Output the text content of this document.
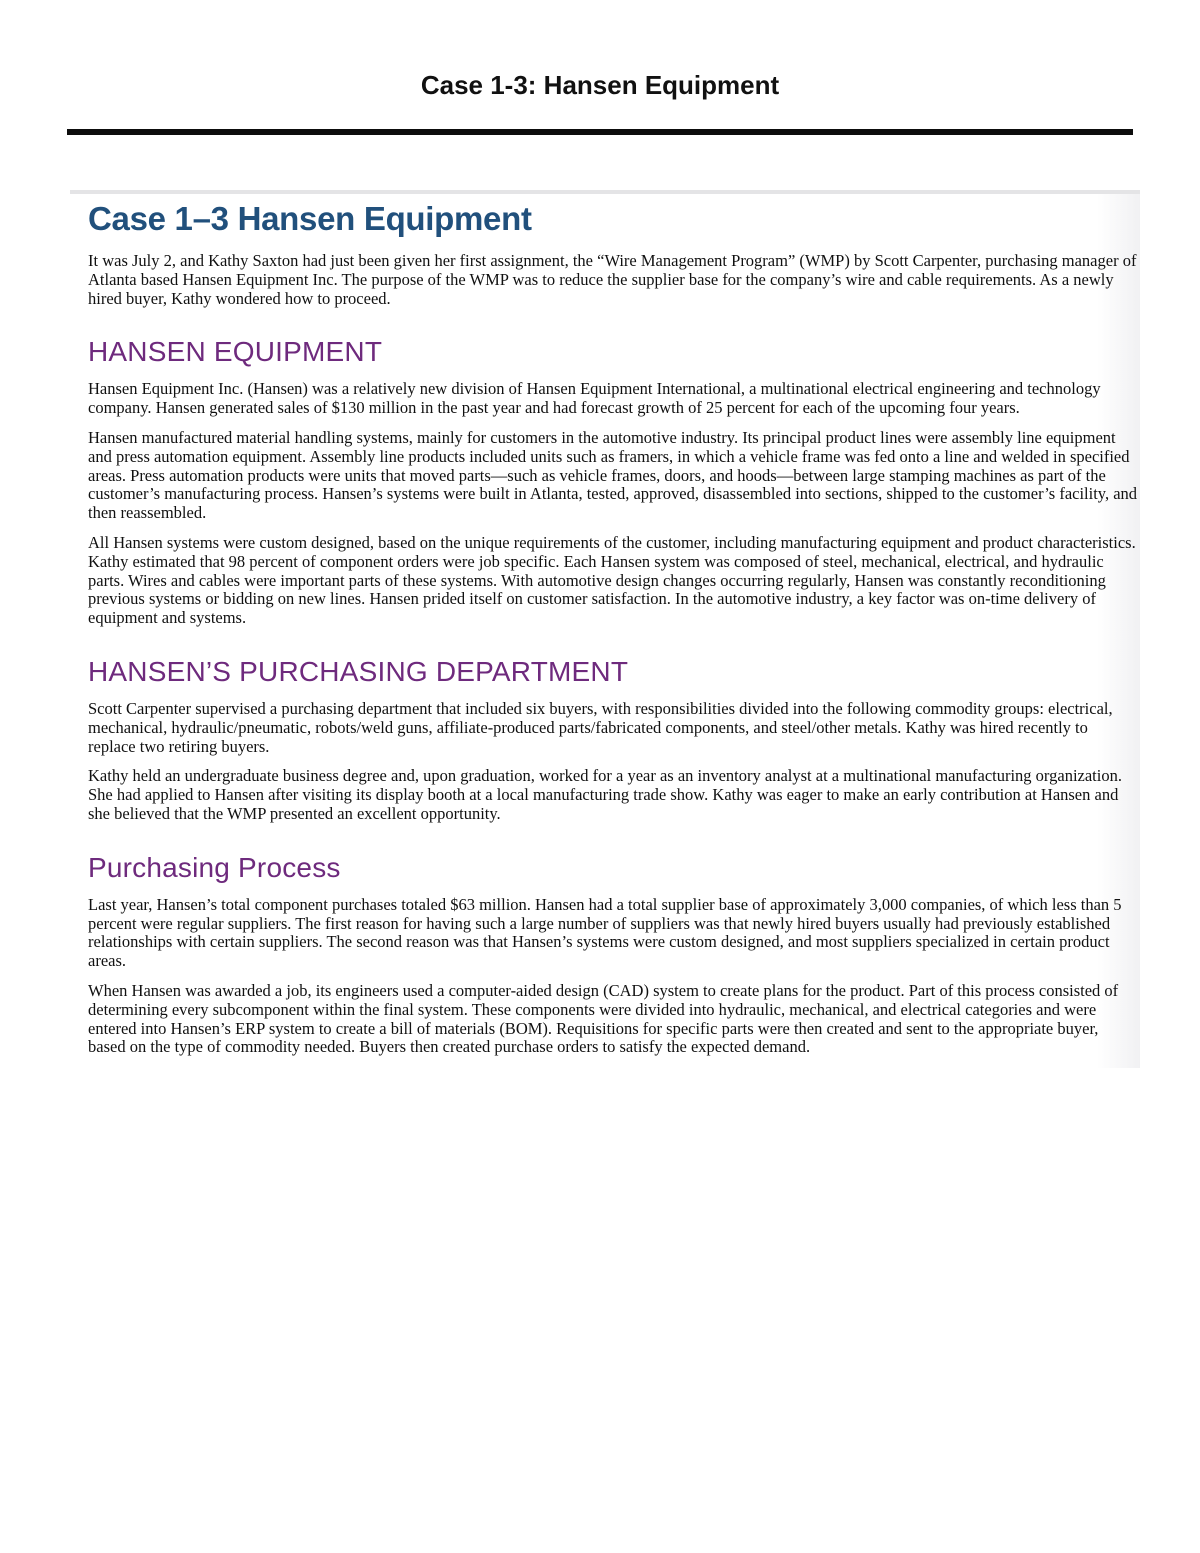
Case 1-3: Hansen Equipment
Case 1–3 Hansen Equipment

It was July 2, and Kathy Saxton had just been given her first assignment, the “Wire Management Program” (WMP) by Scott Carpenter, purchasing manager of Atlanta based Hansen Equipment Inc. The purpose of the WMP was to reduce the supplier base for the company’s wire and cable requirements. As a newly hired buyer, Kathy wondered how to proceed.

HANSEN EQUIPMENT

Hansen Equipment Inc. (Hansen) was a relatively new division of Hansen Equipment International, a multinational electrical engineering and technology company. Hansen generated sales of $130 million in the past year and had forecast growth of 25 percent for each of the upcoming four years.

Hansen manufactured material handling systems, mainly for customers in the automotive industry. Its principal product lines were assembly line equipment and press automation equipment. Assembly line products included units such as framers, in which a vehicle frame was fed onto a line and welded in specified areas. Press automation products were units that moved parts—such as vehicle frames, doors, and hoods—between large stamping machines as part of the customer’s manufacturing process. Hansen’s systems were built in Atlanta, tested, approved, disassembled into sections, shipped to the customer’s facility, and then reassembled.

All Hansen systems were custom designed, based on the unique requirements of the customer, including manufacturing equipment and product characteristics. Kathy estimated that 98 percent of component orders were job specific. Each Hansen system was composed of steel, mechanical, electrical, and hydraulic parts. Wires and cables were important parts of these systems. With automotive design changes occurring regularly, Hansen was constantly reconditioning previous systems or bidding on new lines. Hansen prided itself on customer satisfaction. In the automotive industry, a key factor was on-time delivery of equipment and systems.

HANSEN’S PURCHASING DEPARTMENT

Scott Carpenter supervised a purchasing department that included six buyers, with responsibilities divided into the following commodity groups: electrical, mechanical, hydraulic/pneumatic, robots/weld guns, affiliate-produced parts/fabricated components, and steel/other metals. Kathy was hired recently to replace two retiring buyers.

Kathy held an undergraduate business degree and, upon graduation, worked for a year as an inventory analyst at a multinational manufacturing organization. She had applied to Hansen after visiting its display booth at a local manufacturing trade show. Kathy was eager to make an early contribution at Hansen and she believed that the WMP presented an excellent opportunity.

Purchasing Process

Last year, Hansen’s total component purchases totaled $63 million. Hansen had a total supplier base of approximately 3,000 companies, of which less than 5 percent were regular suppliers. The first reason for having such a large number of suppliers was that newly hired buyers usually had previously established relationships with certain suppliers. The second reason was that Hansen’s systems were custom designed, and most suppliers specialized in certain product areas.

When Hansen was awarded a job, its engineers used a computer-aided design (CAD) system to create plans for the product. Part of this process consisted of determining every subcomponent within the final system. These components were divided into hydraulic, mechanical, and electrical categories and were entered into Hansen’s ERP system to create a bill of materials (BOM). Requisitions for specific parts were then created and sent to the appropriate buyer, based on the type of commodity needed. Buyers then created purchase orders to satisfy the expected demand.
